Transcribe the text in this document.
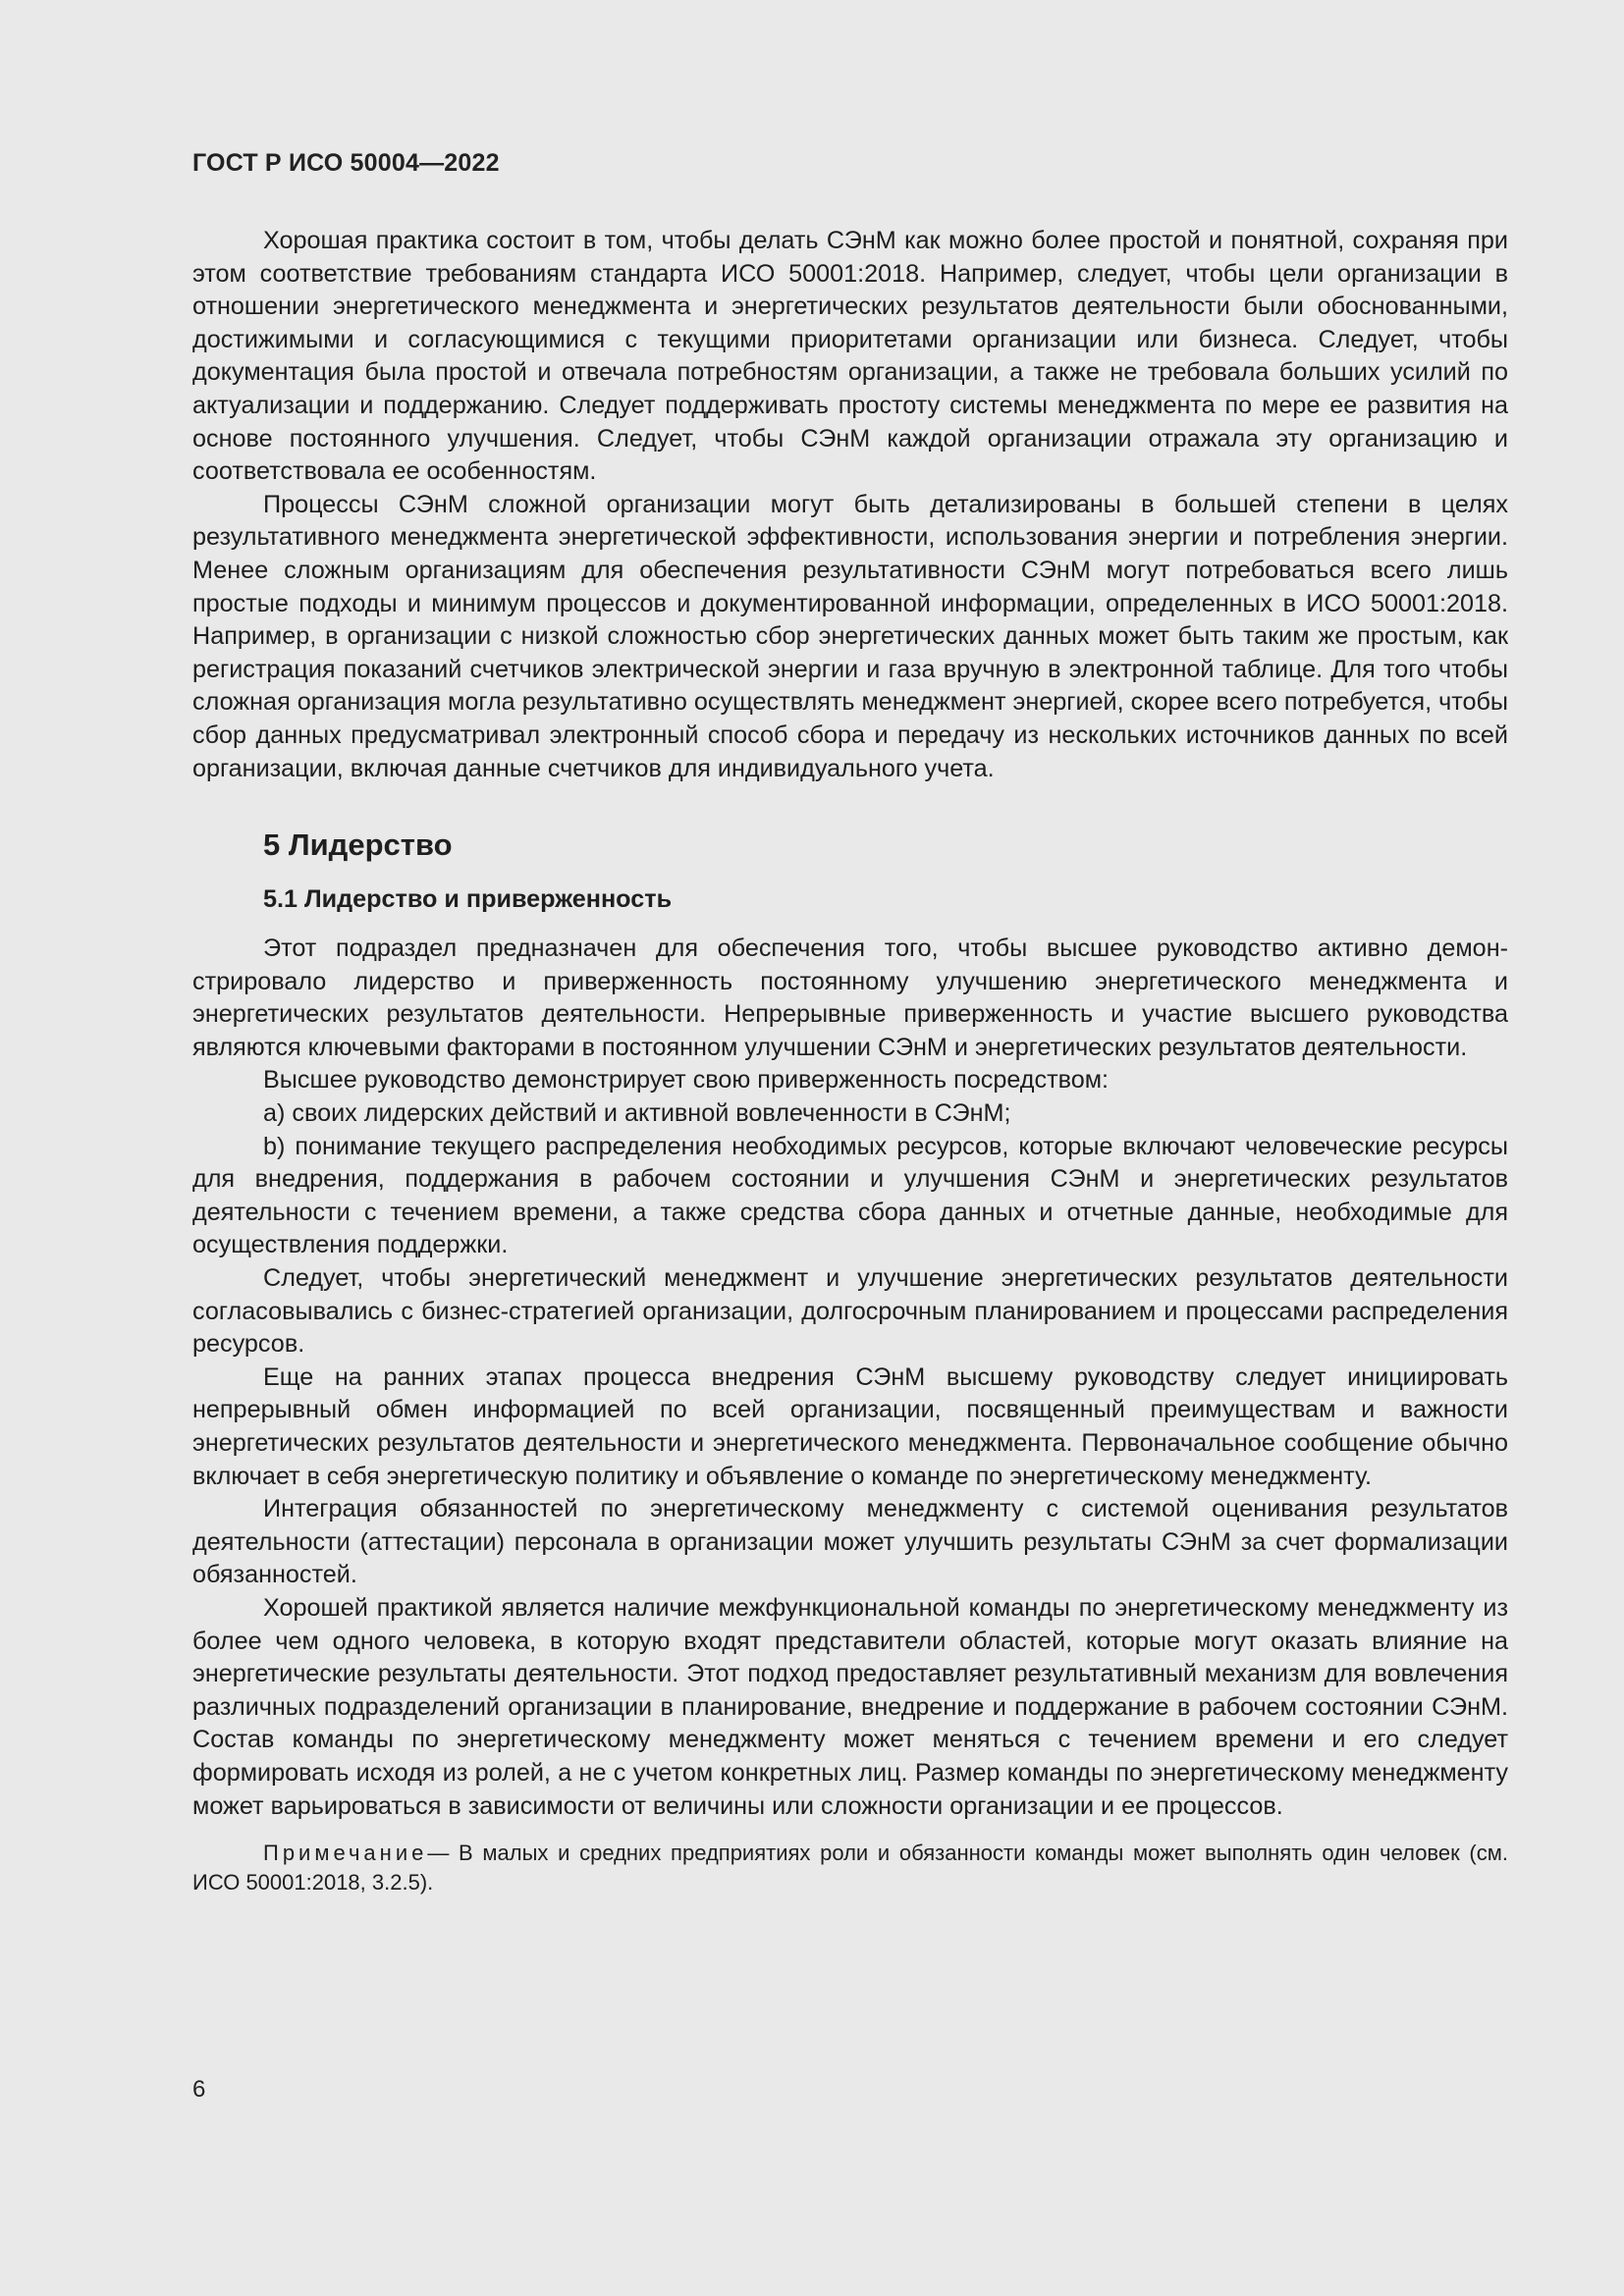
ГОСТ Р ИСО 50004—2022

Хорошая практика состоит в том, чтобы делать СЭнМ как можно более простой и понятной, сохраняя при этом соответствие требованиям стандарта ИСО 50001:2018. Например, следует, чтобы цели организации в отношении энергетического менеджмента и энергетических результатов деятельности были обоснованными, достижимыми и согласующимися с текущими приоритетами организации или бизнеса. Следует, чтобы документация была простой и отвечала потребностям организации, а также не требовала больших усилий по актуализации и поддержанию. Следует поддерживать простоту системы менеджмента по мере ее развития на основе постоянного улучшения. Следует, чтобы СЭнМ каждой организации отражала эту организацию и соответствовала ее особенностям.

Процессы СЭнМ сложной организации могут быть детализированы в большей степени в целях результативного менеджмента энергетической эффективности, использования энергии и потребления энергии. Менее сложным организациям для обеспечения результативности СЭнМ могут потребоваться всего лишь простые подходы и минимум процессов и документированной информации, определенных в ИСО 50001:2018. Например, в организации с низкой сложностью сбор энергетических данных может быть таким же простым, как регистрация показаний счетчиков электрической энергии и газа вручную в электронной таблице. Для того чтобы сложная организация могла результативно осуществлять менеджмент энергией, скорее всего потребуется, чтобы сбор данных предусматривал электронный способ сбора и передачу из нескольких источников данных по всей организации, включая данные счетчиков для индивидуального учета.

5 Лидерство
5.1 Лидерство и приверженность

Этот подраздел предназначен для обеспечения того, чтобы высшее руководство активно демонстрировало лидерство и приверженность постоянному улучшению энергетического менеджмента и энергетических результатов деятельности. Непрерывные приверженность и участие высшего руководства являются ключевыми факторами в постоянном улучшении СЭнМ и энергетических результатов деятельности.

Высшее руководство демонстрирует свою приверженность посредством:

а) своих лидерских действий и активной вовлеченности в СЭнМ;

b) понимание текущего распределения необходимых ресурсов, которые включают человеческие ресурсы для внедрения, поддержания в рабочем состоянии и улучшения СЭнМ и энергетических результатов деятельности с течением времени, а также средства сбора данных и отчетные данные, необходимые для осуществления поддержки.

Следует, чтобы энергетический менеджмент и улучшение энергетических результатов деятельности согласовывались с бизнес-стратегией организации, долгосрочным планированием и процессами распределения ресурсов.

Еще на ранних этапах процесса внедрения СЭнМ высшему руководству следует инициировать непрерывный обмен информацией по всей организации, посвященный преимуществам и важности энергетических результатов деятельности и энергетического менеджмента. Первоначальное сообщение обычно включает в себя энергетическую политику и объявление о команде по энергетическому менеджменту.

Интеграция обязанностей по энергетическому менеджменту с системой оценивания результатов деятельности (аттестации) персонала в организации может улучшить результаты СЭнМ за счет формализации обязанностей.

Хорошей практикой является наличие межфункциональной команды по энергетическому менеджменту из более чем одного человека, в которую входят представители областей, которые могут оказать влияние на энергетические результаты деятельности. Этот подход предоставляет результативный механизм для вовлечения различных подразделений организации в планирование, внедрение и поддержание в рабочем состоянии СЭнМ. Состав команды по энергетическому менеджменту может меняться с течением времени и его следует формировать исходя из ролей, а не с учетом конкретных лиц. Размер команды по энергетическому менеджменту может варьироваться в зависимости от величины или сложности организации и ее процессов.

Примечание— В малых и средних предприятиях роли и обязанности команды может выполнять один человек (см. ИСО 50001:2018, 3.2.5).

6
